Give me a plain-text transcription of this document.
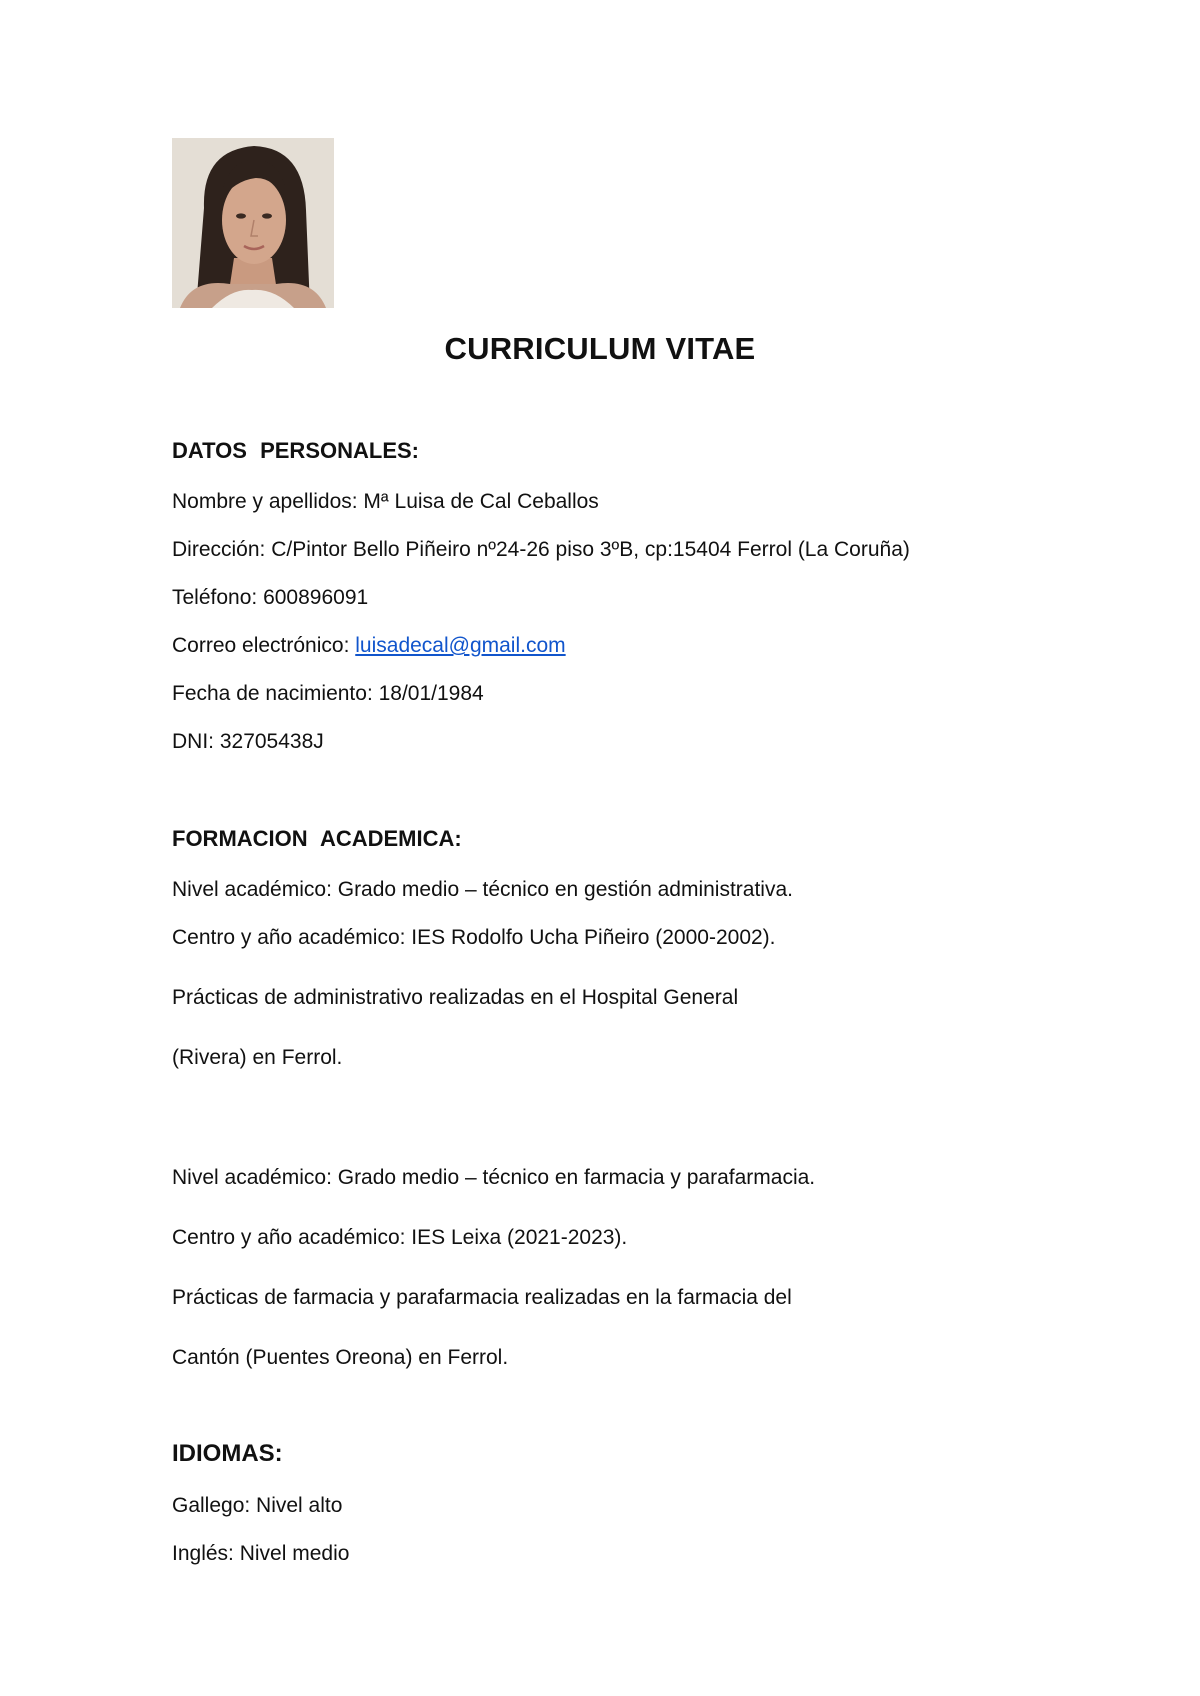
CURRICULUM VITAE
DATOS PERSONALES:
Nombre y apellidos: Mª Luisa de Cal Ceballos
Dirección: C/Pintor Bello Piñeiro nº24-26 piso 3ºB, cp:15404 Ferrol (La Coruña)
Teléfono: 600896091
Correo electrónico: luisadecal@gmail.com
Fecha de nacimiento: 18/01/1984
DNI: 32705438J
FORMACION ACADEMICA:
Nivel académico: Grado medio – técnico en gestión administrativa.
Centro y año académico: IES Rodolfo Ucha Piñeiro (2000-2002).
Prácticas de administrativo realizadas en el Hospital General
(Rivera) en Ferrol.
Nivel académico: Grado medio – técnico en farmacia y parafarmacia.
Centro y año académico: IES Leixa (2021-2023).
Prácticas de farmacia y parafarmacia realizadas en la farmacia del
Cantón (Puentes Oreona) en Ferrol.
IDIOMAS:
Gallego: Nivel alto
Inglés: Nivel medio
